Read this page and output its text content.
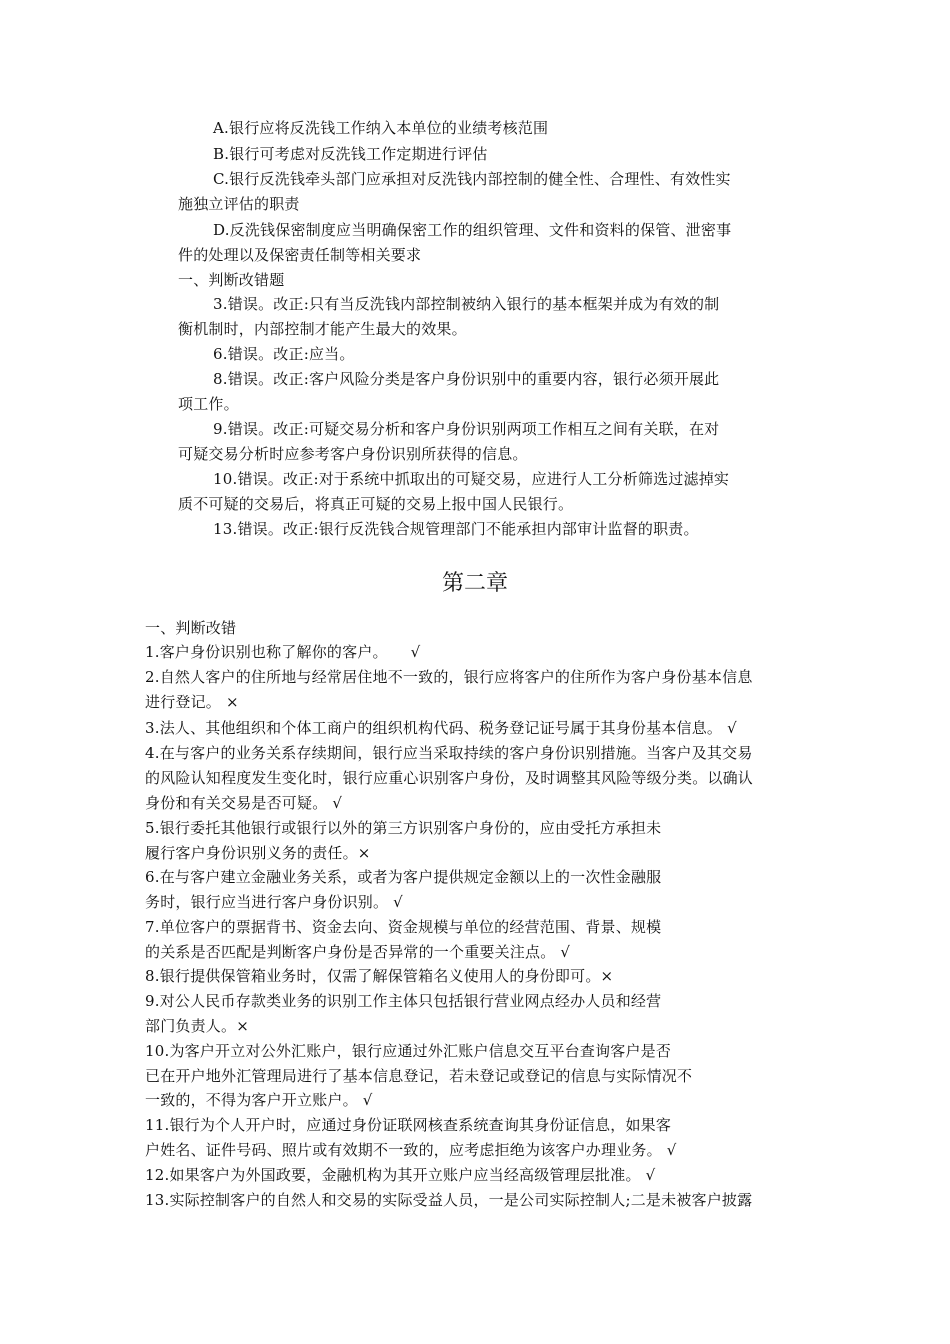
A.银行应将反洗钱工作纳入本单位的业绩考核范围
B.银行可考虑对反洗钱工作定期进行评估
C.银行反洗钱牵头部门应承担对反洗钱内部控制的健全性、合理性、有效性实
施独立评估的职责
D.反洗钱保密制度应当明确保密工作的组织管理、文件和资料的保管、泄密事
件的处理以及保密责任制等相关要求
一、判断改错题
3.错误。改正:只有当反洗钱内部控制被纳入银行的基本框架并成为有效的制
衡机制时，内部控制才能产生最大的效果。
6.错误。改正:应当。
8.错误。改正:客户风险分类是客户身份识别中的重要内容，银行必须开展此
项工作。
9.错误。改正:可疑交易分析和客户身份识别两项工作相互之间有关联，在对
可疑交易分析时应参考客户身份识别所获得的信息。
10.错误。改正:对于系统中抓取出的可疑交易，应进行人工分析筛选过滤掉实
质不可疑的交易后，将真正可疑的交易上报中国人民银行。
13.错误。改正:银行反洗钱合规管理部门不能承担内部审计监督的职责。
第二章
一、判断改错
1.客户身份识别也称了解你的客户。　　√
2.自然人客户的住所地与经常居住地不一致的，银行应将客户的住所作为客户身份基本信息
进行登记。 ×
3.法人、其他组织和个体工商户的组织机构代码、税务登记证号属于其身份基本信息。 √
4.在与客户的业务关系存续期间，银行应当采取持续的客户身份识别措施。当客户及其交易
的风险认知程度发生变化时，银行应重心识别客户身份，及时调整其风险等级分类。以确认
身份和有关交易是否可疑。 √
5.银行委托其他银行或银行以外的第三方识别客户身份的，应由受托方承担未
履行客户身份识别义务的责任。×
6.在与客户建立金融业务关系，或者为客户提供规定金额以上的一次性金融服
务时，银行应当进行客户身份识别。 √
7.单位客户的票据背书、资金去向、资金规模与单位的经营范围、背景、规模
的关系是否匹配是判断客户身份是否异常的一个重要关注点。 √
8.银行提供保管箱业务时，仅需了解保管箱名义使用人的身份即可。×
9.对公人民币存款类业务的识别工作主体只包括银行营业网点经办人员和经营
部门负责人。×
10.为客户开立对公外汇账户，银行应通过外汇账户信息交互平台查询客户是否
已在开户地外汇管理局进行了基本信息登记，若未登记或登记的信息与实际情况不
一致的，不得为客户开立账户。 √
11.银行为个人开户时，应通过身份证联网核查系统查询其身份证信息，如果客
户姓名、证件号码、照片或有效期不一致的，应考虑拒绝为该客户办理业务。 √
12.如果客户为外国政要，金融机构为其开立账户应当经高级管理层批准。 √
13.实际控制客户的自然人和交易的实际受益人员，一是公司实际控制人;二是未被客户披露
